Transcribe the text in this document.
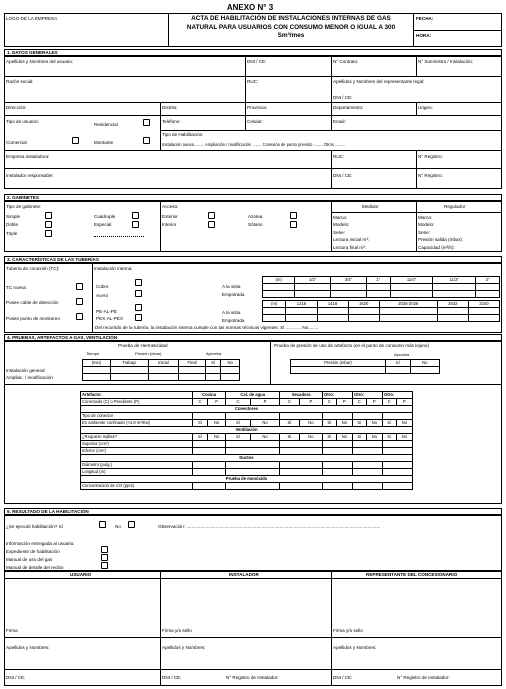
ANEXO N° 3
LOGO DE LA EMPRESA	ACTA DE HABILITACIÓN DE INSTALACIONES INTERNAS DE GAS
NATURAL PARA USUARIOS CON CONSUMO MENOR O IGUAL A 300
Sm³/mes
FECHA:
HORA:
1. DATOS GENERALES
Apellidos y Nombres del usuario:	DNI / CE:	N° Contrato:	N° Suministro / Instalación:
Razón social:	RUC:	Apellidos y Nombres del representante legal:
DNI / CE:
Dirección:	Distrito:	Provincia:	Departamento:	Urigeo:
Tipo de usuario:
Residencial
Comercial	Montante
Teléfono:	Celular:	Email:
Tipo de Habilitación:
Instalación nueva ........ Ampliación / modificación ........ Conexión de punto previsto ........ Otros .........
Empresa instaladora:	RUC:	N° Registro:
Instalador responsable:	DNI / CE:	N° Registro:
2. GABINETES
Tipo de gabinete:
Simple
Doble
Triple
Cuádruple
Especial
Acceso:
Exterior
Interior
Azotea
Sótano
Medidor	Regulador
Marca:
Modelo:
Serie:
Lectura inicial m³:
Lectura final m³:
Marca:
Modelo:
Serie:
Presión salida (mbar):
Capacidad (m³/h):
3. CARACTERÍSTICAS DE LAS TUBERÍAS
Tubería de conexión (TC):	Instalación interna:
TC nueva
Posee cable de detección
Posee punto de monitoreo
Cobre
Acero
PE-AL-PE
PEX-AL-PEX
A la vista
Empotrada
A la vista
Empotrada
(m)	1/2"	3/4"	1"	11/4"	11/2"	2"

(m)	1216	1418	1620	2025-2026	2532	3240

Del recorrido de la tubería, la instalación interna cumple con las normas técnicas vigentes: Sí ............ No........
4. PRUEBAS, ARTEFACTOS A GAS, VENTILACIÓN
Prueba de Hermeticidad
Tiempo	Presión (mbar)	Aprueba
(min)	Trabajo	Inicial	Final	Sí	No

Instalación general
Ampliac. / modificación
Prueba de presión de uso de artefacto (en el punto de consumo más lejano)
Aprueba
Presión (mbar)	Sí	No

Artefacto:	Cocina		Cal. de agua		Secadora		Otro:		Otro:		Otro:	
Conectado (C) o Pendiente (P)	C	P	C	P	C	P	C	P	C	P	C	P
Conectores												
Tipo de conector												
En ambiente confinado (<4.8 m³/Kw)	Sí	No	Sí	No	Sí	No	Sí	No	Sí	No	Sí	No
Ventilación												
¿Requiere rejillas?	Sí	No	Sí	No	Sí	No	Sí	No	Sí	No	Sí	No
Superior (cm²)												
Inferior (cm²)												
Ductos												
Diámetro (pulg.)												
Longitud (m)												
Prueba de monóxido												
Concentración de CO (ppm)												
5. RESULTADO DE LA HABILITACIÓN
¿Se ejecutó habilitación? Sí	No	Observación: ........................................................................................................................................................
Información entregada al usuario:
Expediente de habilitación
Manual de uso del gas
Manual de detalle del recibo
USUARIO	INSTALADOR	REPRESENTANTE DEL CONCESIONARIO
Firma	Firma y/o sello	Firma y/o sello
Apellidos y Nombres:	Apellidos y Nombres:	Apellidos y Nombres:
DNI / CE:	DNI / CE:	N° Registro de Instalador:	DNI / CE:	N° Registro de Instalador:
